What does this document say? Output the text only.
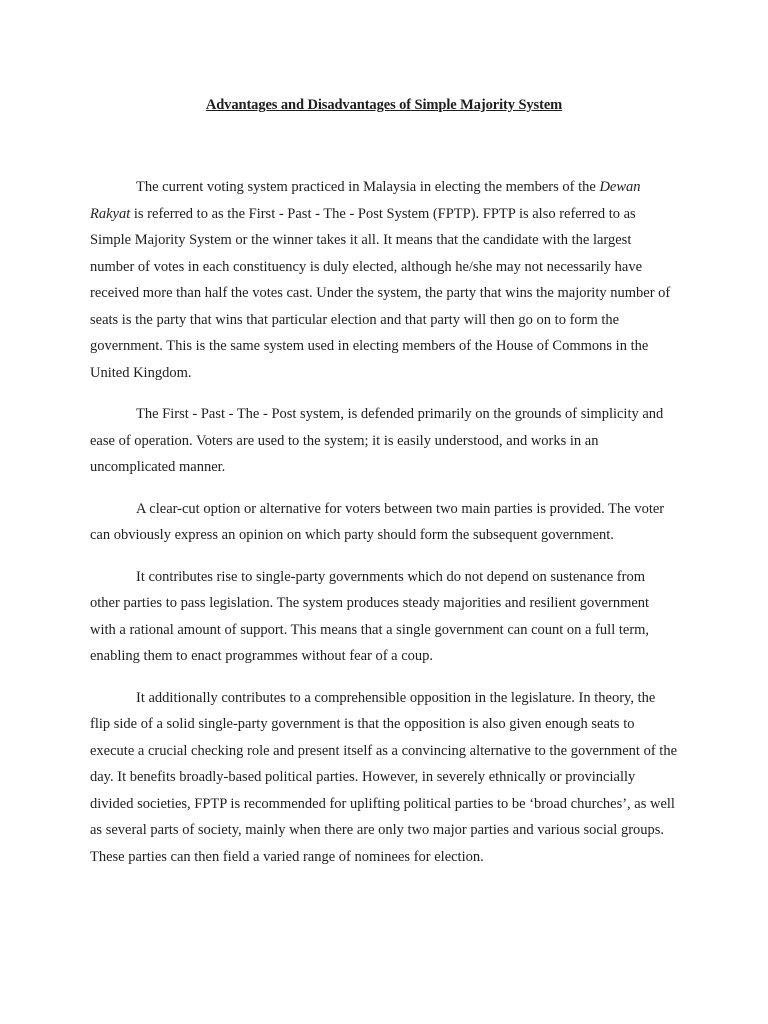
Advantages and Disadvantages of Simple Majority System

The current voting system practiced in Malaysia in electing the members of the Dewan Rakyat is referred to as the First - Past - The - Post System (FPTP). FPTP is also referred to as Simple Majority System or the winner takes it all. It means that the candidate with the largest number of votes in each constituency is duly elected, although he/she may not necessarily have received more than half the votes cast. Under the system, the party that wins the majority number of seats is the party that wins that particular election and that party will then go on to form the government. This is the same system used in electing members of the House of Commons in the United Kingdom.

The First - Past - The - Post system, is defended primarily on the grounds of simplicity and ease of operation. Voters are used to the system; it is easily understood, and works in an uncomplicated manner.

A clear-cut option or alternative for voters between two main parties is provided. The voter can obviously express an opinion on which party should form the subsequent government.

It contributes rise to single-party governments which do not depend on sustenance from other parties to pass legislation. The system produces steady majorities and resilient government with a rational amount of support. This means that a single government can count on a full term, enabling them to enact programmes without fear of a coup.

It additionally contributes to a comprehensible opposition in the legislature. In theory, the flip side of a solid single-party government is that the opposition is also given enough seats to execute a crucial checking role and present itself as a convincing alternative to the government of the day. It benefits broadly-based political parties. However, in severely ethnically or provincially divided societies, FPTP is recommended for uplifting political parties to be ‘broad churches’, as well as several parts of society, mainly when there are only two major parties and various social groups. These parties can then field a varied range of nominees for election.
